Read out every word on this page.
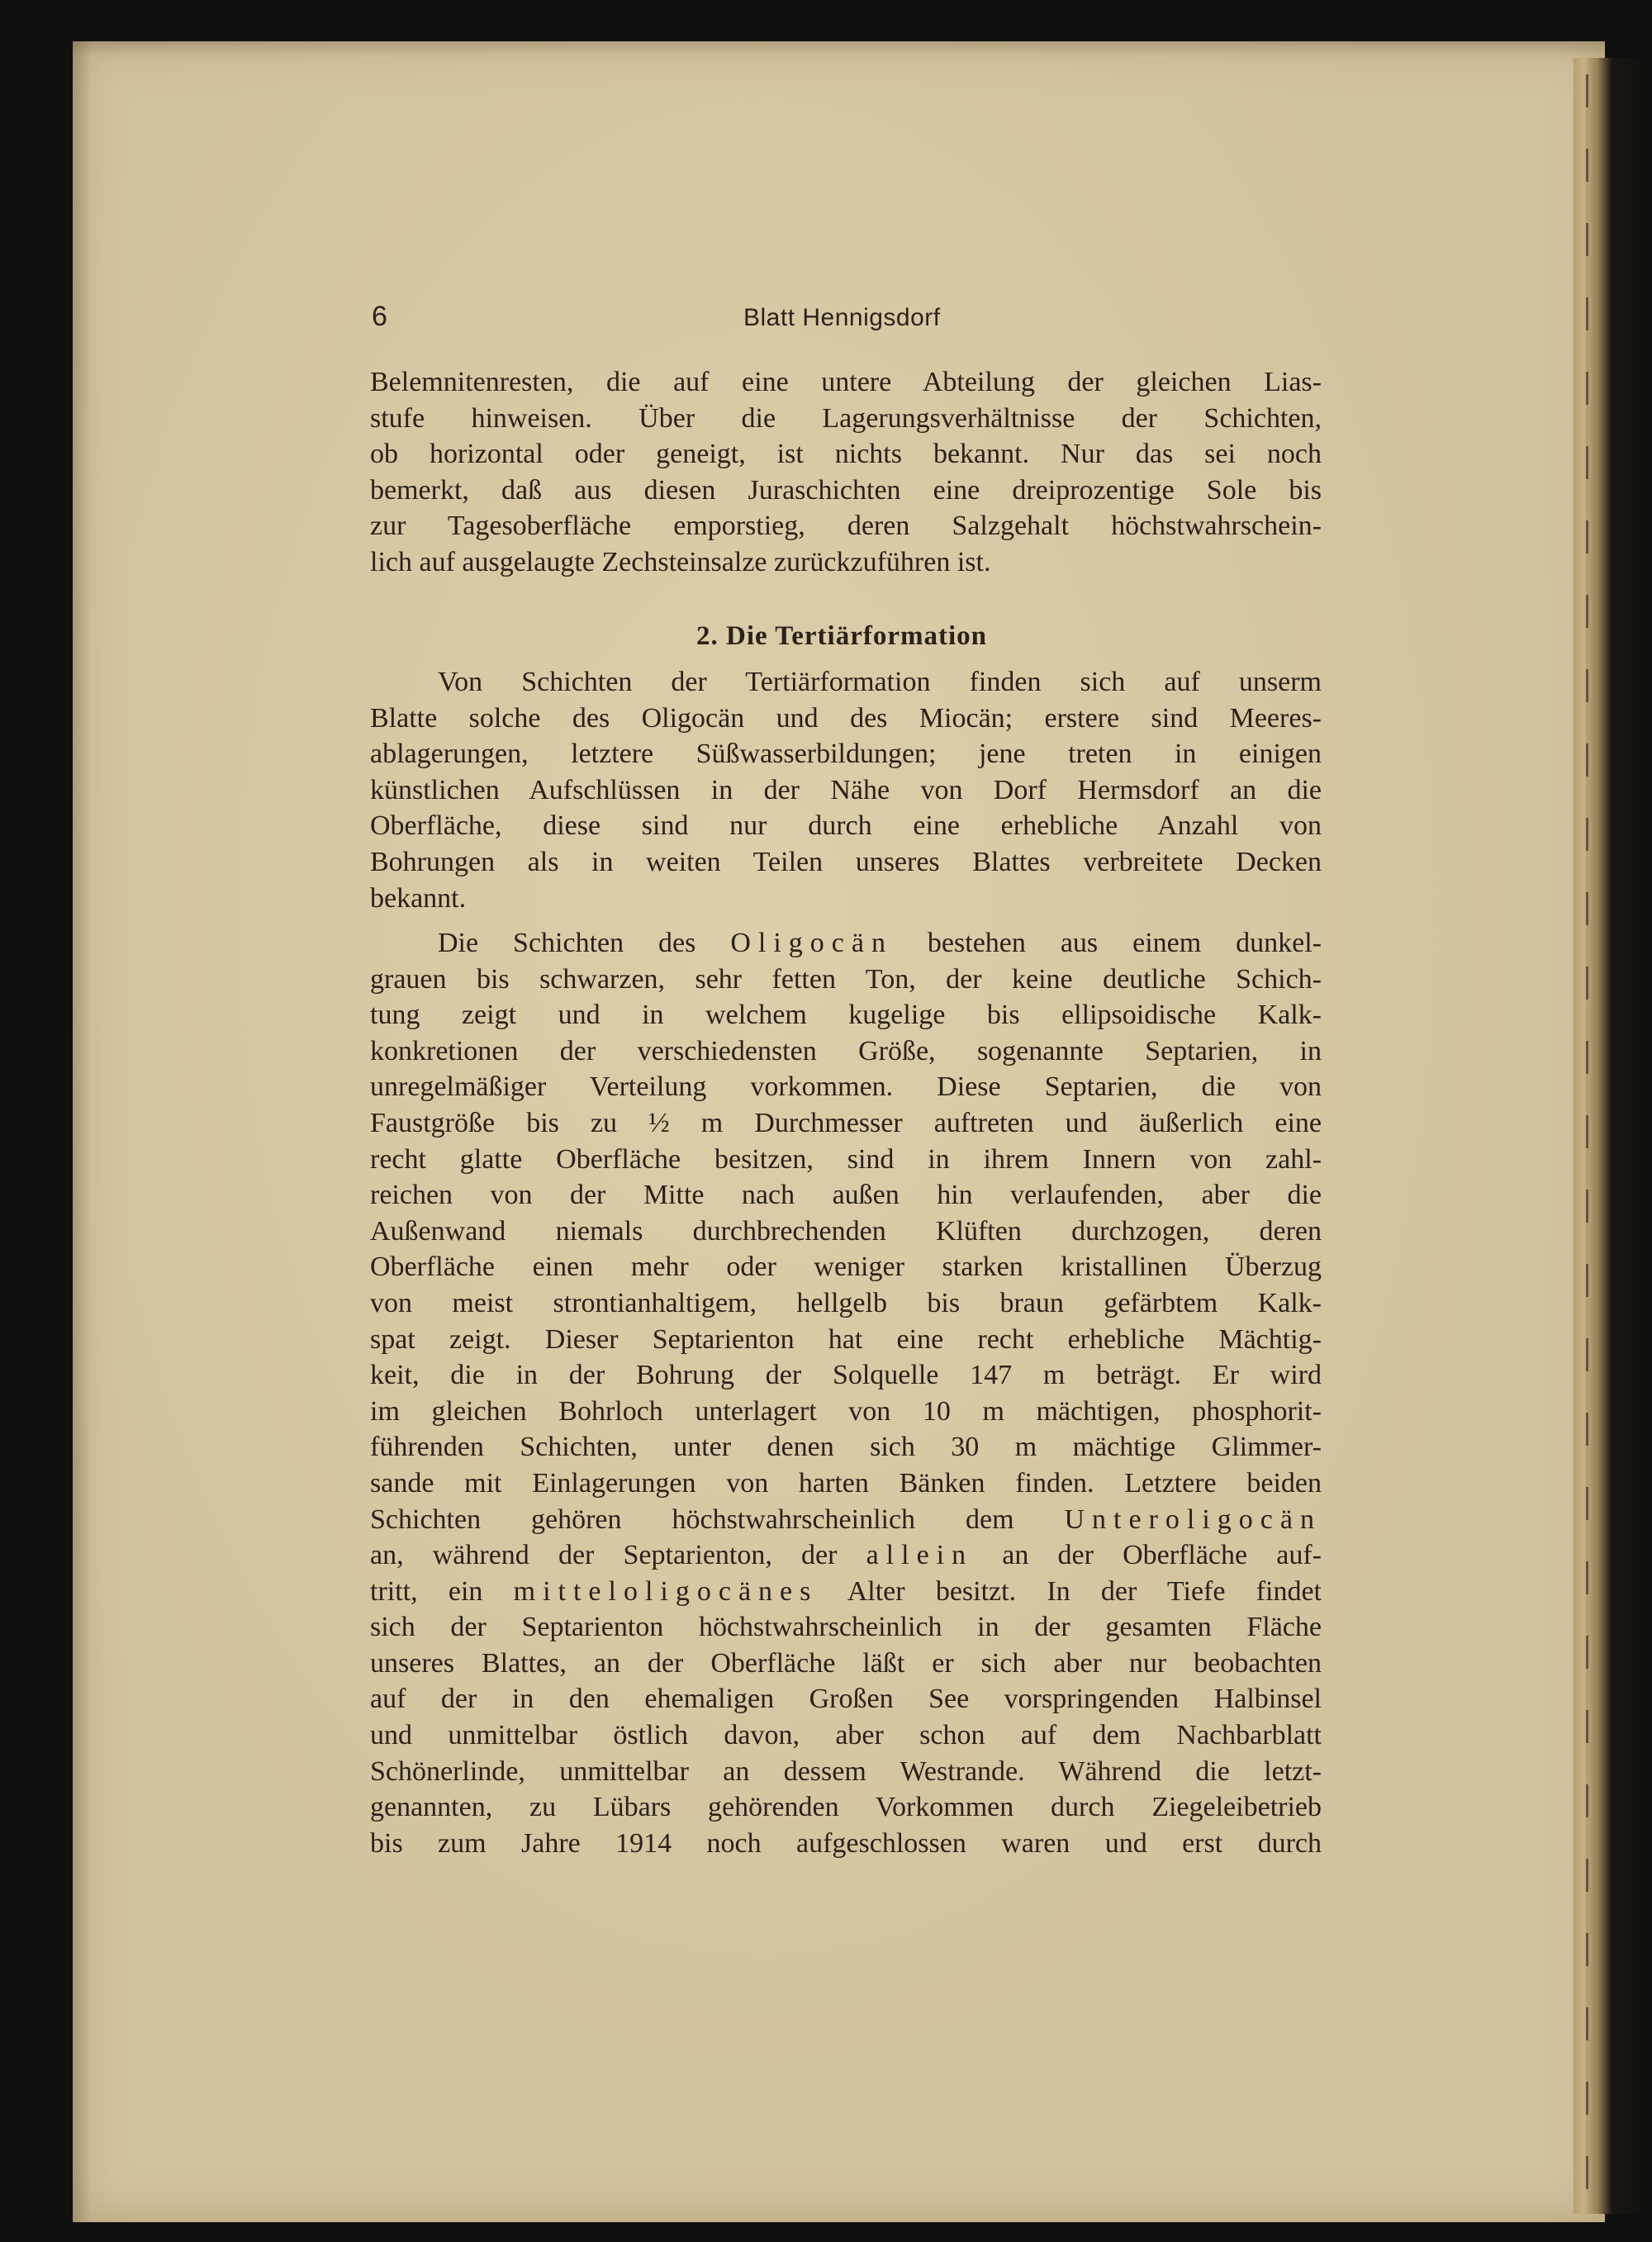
6	Blatt Hennigsdorf
Belemnitenresten, die auf eine untere Abteilung der gleichen Lias-
stufe hinweisen. Über die Lagerungsverhältnisse der Schichten,
ob horizontal oder geneigt, ist nichts bekannt. Nur das sei noch
bemerkt, daß aus diesen Juraschichten eine dreiprozentige Sole bis
zur Tagesoberfläche emporstieg, deren Salzgehalt höchstwahrschein-
lich auf ausgelaugte Zechsteinsalze zurückzuführen ist.
2. Die Tertiärformation
Von Schichten der Tertiärformation finden sich auf unserm
Blatte solche des Oligocän und des Miocän; erstere sind Meeres-
ablagerungen, letztere Süßwasserbildungen; jene treten in einigen
künstlichen Aufschlüssen in der Nähe von Dorf Hermsdorf an die
Oberfläche, diese sind nur durch eine erhebliche Anzahl von
Bohrungen als in weiten Teilen unseres Blattes verbreitete Decken
bekannt.
Die Schichten des Oligocän bestehen aus einem dunkel-
grauen bis schwarzen, sehr fetten Ton, der keine deutliche Schich-
tung zeigt und in welchem kugelige bis ellipsoidische Kalk-
konkretionen der verschiedensten Größe, sogenannte Septarien, in
unregelmäßiger Verteilung vorkommen. Diese Septarien, die von
Faustgröße bis zu ½ m Durchmesser auftreten und äußerlich eine
recht glatte Oberfläche besitzen, sind in ihrem Innern von zahl-
reichen von der Mitte nach außen hin verlaufenden, aber die
Außenwand niemals durchbrechenden Klüften durchzogen, deren
Oberfläche einen mehr oder weniger starken kristallinen Überzug
von meist strontianhaltigem, hellgelb bis braun gefärbtem Kalk-
spat zeigt. Dieser Septarienton hat eine recht erhebliche Mächtig-
keit, die in der Bohrung der Solquelle 147 m beträgt. Er wird
im gleichen Bohrloch unterlagert von 10 m mächtigen, phosphorit-
führenden Schichten, unter denen sich 30 m mächtige Glimmer-
sande mit Einlagerungen von harten Bänken finden. Letztere beiden
Schichten gehören höchstwahrscheinlich dem Unteroligocän
an, während der Septarienton, der allein an der Oberfläche auf-
tritt, ein mitteloligocänes Alter besitzt. In der Tiefe findet
sich der Septarienton höchstwahrscheinlich in der gesamten Fläche
unseres Blattes, an der Oberfläche läßt er sich aber nur beobachten
auf der in den ehemaligen Großen See vorspringenden Halbinsel
und unmittelbar östlich davon, aber schon auf dem Nachbarblatt
Schönerlinde, unmittelbar an dessem Westrande. Während die letzt-
genannten, zu Lübars gehörenden Vorkommen durch Ziegeleibetrieb
bis zum Jahre 1914 noch aufgeschlossen waren und erst durch
